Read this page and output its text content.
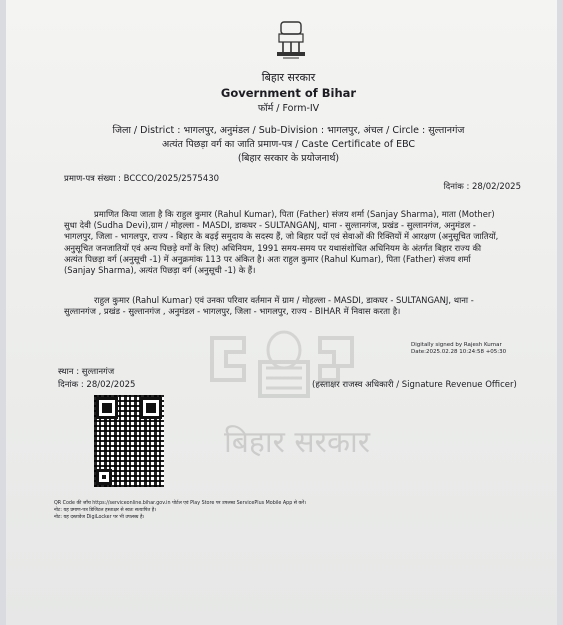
बिहार सरकार
बिहार सरकार
Government of Bihar
फॉर्म / Form-IV
जिला / District : भागलपुर, अनुमंडल / Sub-Division : भागलपुर, अंचल / Circle : सुल्तानगंज
अत्यंत पिछड़ा वर्ग का जाति प्रमाण-पत्र / Caste Certificate of EBC
(बिहार सरकार के प्रयोजनार्थ)
प्रमाण-पत्र संख्या : BCCCO/2025/2575430
दिनांक : 28/02/2025
प्रमाणित किया जाता है कि राहुल कुमार (Rahul Kumar), पिता (Father) संजय शर्मा (Sanjay Sharma), माता (Mother)
सुधा देवी (Sudha Devi),ग्राम / मोहल्ला - MASDI, डाकघर - SULTANGANJ, थाना - सुल्तानगंज, प्रखंड - सुल्तानगंज, अनुमंडल -
भागलपुर, जिला - भागलपुर, राज्य - बिहार के बढ़ई समुदाय के सदस्य हैं, जो बिहार पदों एवं सेवाओं की रिक्तियों में आरक्षण (अनुसूचित जातियों,
अनुसूचित जनजातियों एवं अन्य पिछड़े वर्गों के लिए) अधिनियम, 1991 समय-समय पर यथासंशोधित अधिनियम के अंतर्गत बिहार राज्य की
अत्यंत पिछड़ा वर्ग (अनुसूची -1) में अनुक्रमांक 113 पर अंकित है। अतः राहुल कुमार (Rahul Kumar), पिता (Father) संजय शर्मा
(Sanjay Sharma), अत्यंत पिछड़ा वर्ग (अनुसूची -1) के हैं।
राहुल कुमार (Rahul Kumar) एवं उनका परिवार वर्तमान में ग्राम / मोहल्ला - MASDI, डाकघर - SULTANGANJ, थाना -
सुल्तानगंज , प्रखंड - सुल्तानगंज , अनुमंडल - भागलपुर, जिला - भागलपुर, राज्य - BIHAR में निवास करता है।
Digitally signed by Rajesh Kumar
Date:2025.02.28 10:24:58 +05:30
स्थान : सुल्तानगंज
दिनांक : 28/02/2025	(हस्ताक्षर राजस्व अधिकारी / Signature Revenue Officer)
QR Code की जाँच https://serviceonline.bihar.gov.in पोर्टल एवं Play Store पर उपलब्ध ServicePlus Mobile App से करें।
नोट: यह प्रमाण-पत्र डिजिटल हस्ताक्षर से स्वतः सत्यापित है।
नोट: यह दस्तावेज DigiLocker पर भी उपलब्ध है।
